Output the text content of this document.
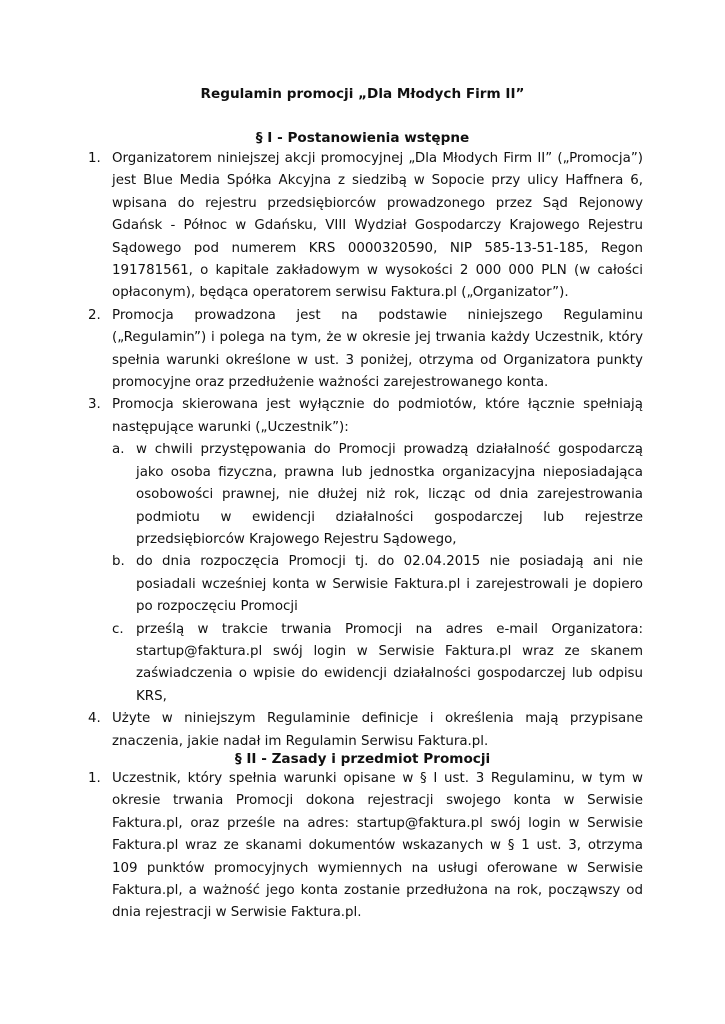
Regulamin promocji „Dla Młodych Firm II”
§ I - Postanowienia wstępne
1. Organizatorem niniejszej akcji promocyjnej „Dla Młodych Firm II” („Promocja”) jest Blue Media Spółka Akcyjna z siedzibą w Sopocie przy ulicy Haffnera 6, wpisana do rejestru przedsiębiorców prowadzonego przez Sąd Rejonowy Gdańsk - Północ w Gdańsku, VIII Wydział Gospodarczy Krajowego Rejestru Sądowego pod numerem KRS 0000320590, NIP 585-13-51-185, Regon 191781561, o kapitale zakładowym w wysokości 2 000 000 PLN (w całości opłaconym), będąca operatorem serwisu Faktura.pl („Organizator”).
2. Promocja prowadzona jest na podstawie niniejszego Regulaminu („Regulamin”) i polega na tym, że w okresie jej trwania każdy Uczestnik, który spełnia warunki określone w ust. 3 poniżej, otrzyma od Organizatora punkty promocyjne oraz przedłużenie ważności zarejestrowanego konta.
3. Promocja skierowana jest wyłącznie do podmiotów, które łącznie spełniają następujące warunki („Uczestnik”):
a. w chwili przystępowania do Promocji prowadzą działalność gospodarczą jako osoba fizyczna, prawna lub jednostka organizacyjna nieposiadająca osobowości prawnej, nie dłużej niż rok, licząc od dnia zarejestrowania podmiotu w ewidencji działalności gospodarczej lub rejestrze przedsiębiorców Krajowego Rejestru Sądowego,
b. do dnia rozpoczęcia Promocji tj. do 02.04.2015 nie posiadają ani nie posiadali wcześniej konta w Serwisie Faktura.pl i zarejestrowali je dopiero po rozpoczęciu Promocji
c. prześlą w trakcie trwania Promocji na adres e-mail Organizatora: startup@faktura.pl swój login w Serwisie Faktura.pl wraz ze skanem zaświadczenia o wpisie do ewidencji działalności gospodarczej lub odpisu KRS,
4. Użyte w niniejszym Regulaminie definicje i określenia mają przypisane znaczenia, jakie nadał im Regulamin Serwisu Faktura.pl.
§ II - Zasady i przedmiot Promocji
1. Uczestnik, który spełnia warunki opisane w § I ust. 3 Regulaminu, w tym w okresie trwania Promocji dokona rejestracji swojego konta w Serwisie Faktura.pl, oraz prześle na adres: startup@faktura.pl swój login w Serwisie Faktura.pl wraz ze skanami dokumentów wskazanych w § 1 ust. 3, otrzyma 109 punktów promocyjnych wymiennych na usługi oferowane w Serwisie Faktura.pl, a ważność jego konta zostanie przedłużona na rok, począwszy od dnia rejestracji w Serwisie Faktura.pl.
